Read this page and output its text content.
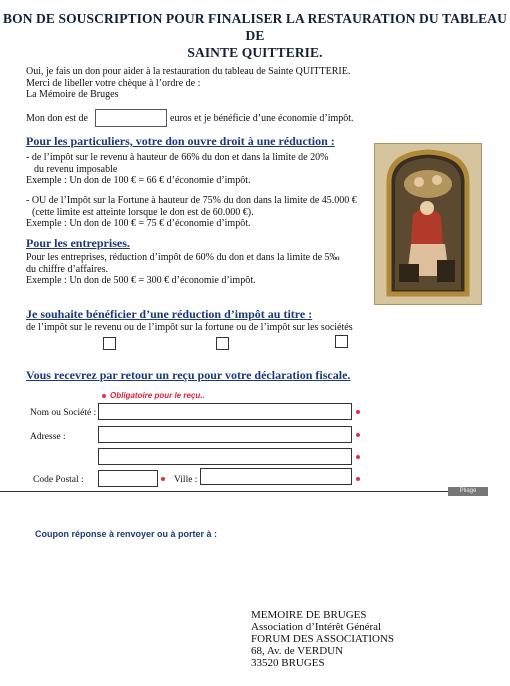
BON DE SOUSCRIPTION POUR FINALISER LA RESTAURATION DU TABLEAU DE
SAINTE QUITTERIE.
Oui, je fais un don pour aider à la restauration du tableau de Sainte QUITTERIE.
Merci de libeller votre chèque à l’ordre de :
La Mémoire de Bruges
Mon don est de	euros et je bénéficie d’une économie d’impôt.
Pour les particuliers, votre don ouvre droit à une réduction :
- de l’impôt sur le revenu à hauteur de 66% du don et dans la limite de 20%
du revenu imposable
Exemple : Un don de 100 € = 66 € d’économie d’impôt.
- OU de l’Impôt sur la Fortune à hauteur de 75% du don dans la limite de 45.000 €
(cette limite est atteinte lorsque le don est de 60.000 €).
Exemple : Un don de 100 € = 75 € d’économie d’impôt.
Pour les entreprises.
Pour les entreprises, réduction d’impôt de 60% du don et dans la limite de 5‰
du chiffre d’affaires.
Exemple : Un don de 500 € = 300 € d’économie d’impôt.
Je souhaite bénéficier d’une réduction d’impôt au titre :
de l’impôt sur le revenu ou de l’impôt sur la fortune ou de l’impôt sur les sociétés
Vous recevrez par retour un reçu pour votre déclaration fiscale.
Obligatoire pour le reçu..
Nom ou Société :
Adresse :
Code Postal :	Ville :
Pliage
Coupon réponse à renvoyer ou à porter à :
MEMOIRE DE BRUGES
Association d’Intérêt Général
FORUM DES ASSOCIATIONS
68, Av. de VERDUN
33520 BRUGES
